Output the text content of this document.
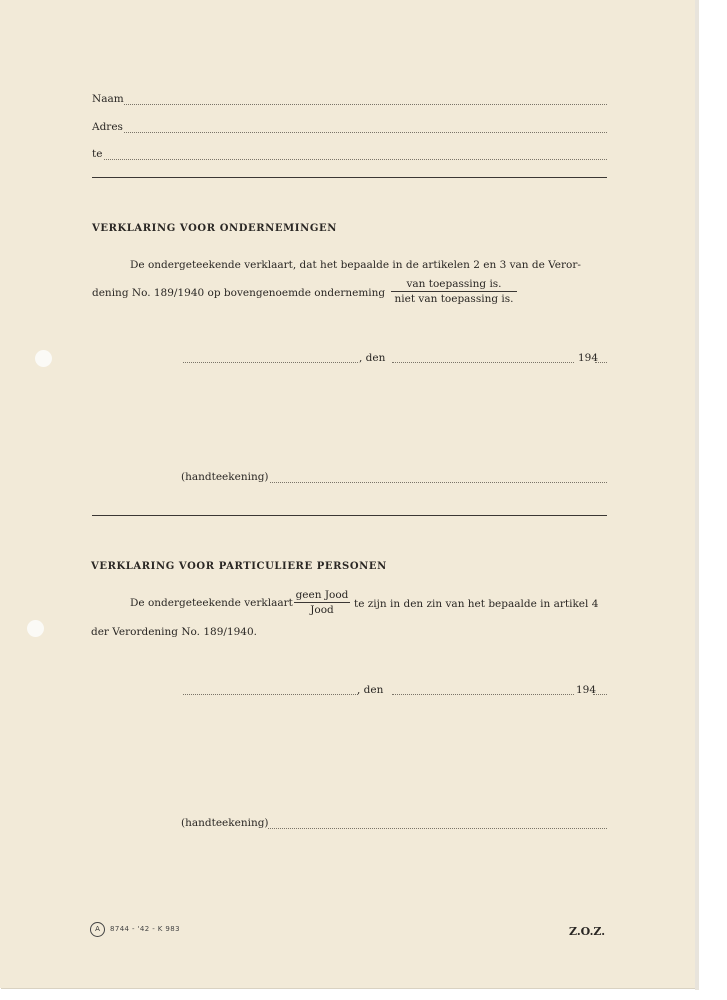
Naam
Adres
te
VERKLARING VOOR ONDERNEMINGEN
De ondergeteekende verklaart, dat het bepaalde in de artikelen 2 en 3 van de Veror-
dening No. 189/1940 op bovengenoemde onderneming
van toepassing is.
niet van toepassing is.
, den	194
(handteekening)
VERKLARING VOOR PARTICULIERE PERSONEN
De ondergeteekende verklaart
geen Jood
Jood	te zijn in den zin van het bepaalde in artikel 4
der Verordening No. 189/1940.
, den	194
(handteekening)
A	8744 - '42 - K 983	Z.O.Z.
